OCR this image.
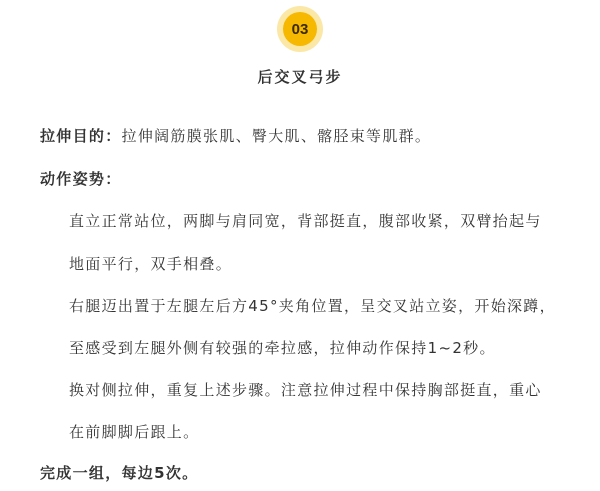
03
后交叉弓步
拉伸目的：拉伸阔筋膜张肌、臀大肌、髂胫束等肌群。
动作姿势：
直立正常站位，两脚与肩同宽，背部挺直，腹部收紧，双臂抬起与
地面平行，双手相叠。
右腿迈出置于左腿左后方45°夹角位置，呈交叉站立姿，开始深蹲，
至感受到左腿外侧有较强的牵拉感，拉伸动作保持1~2秒。
换对侧拉伸，重复上述步骤。注意拉伸过程中保持胸部挺直，重心
在前脚脚后跟上。
完成一组，每边5次。
